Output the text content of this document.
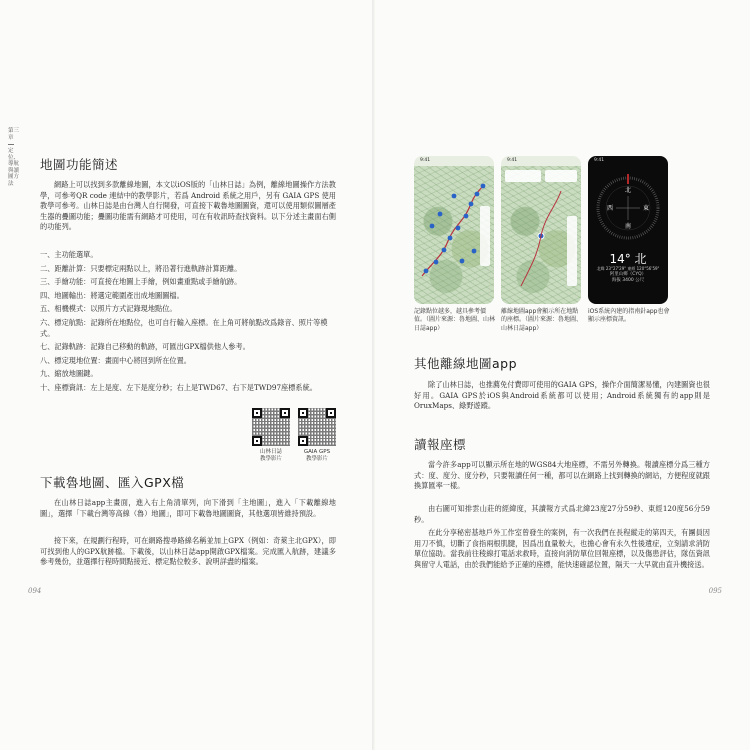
第三章
定位、導航與讀圖方法
地圖功能簡述

網路上可以找到多款離線地圖，本文以iOS版的「山林日誌」為例，離線地圖操作方法教學，可參考QR code 連結中的教學影片，若爲 Android 系統之用戶，另有 GAIA GPS 使用教學可參考。山林日誌是由台灣人自行開發，可直接下載魯地圖圖資，還可以使用類似圖層產生器的疊圖功能；疊圖功能需有網路才可使用，可在有收訊時查找資料。以下分述主畫面右側的功能列。

一、主功能選單。
二、距離計算：只要標定兩點以上，將沿著行進軌跡計算距離。
三、手繪功能：可直接在地圖上手繪，例如畫重點或手繪航跡。
四、地圖輸出：將選定範圍產出成地圖圖檔。
五、相機模式：以照片方式記錄現地點位。
六、標定航點：記錄所在地點位，也可自行輸入座標。在上角可將航點改爲錄音、照片等模式。
七、記錄軌跡：記錄自己移動的軌跡，可匯出GPX檔供他人參考。
八、標定現地位置：畫面中心將回到所在位置。
九、縮放地圖鍵。
十、座標資訊：左上是度、左下是度分秒；右上是TWD67、右下是TWD97座標系統。
山林日誌
教學影片
GAIA GPS
教學影片
下載魯地圖、匯入GPX檔

在山林日誌app主畫面，進入右上角清單列，向下滑到「主地圖」，進入「下載離線地圖」，選擇「下載台灣等高線（魯）地圖」，即可下載魯地圖圖資，其他選項皆維持預設。

接下來，在規劃行程時，可在網路搜尋路線名稱並加上GPX（例如：奇萊主北GPX），即可找到他人的GPX航跡檔。下載後，以山林日誌app開啟GPX檔案。完成匯入航跡，建議多參考幾份，並選擇行程時間點接近、標定點位較多、說明詳盡的檔案。

094
9:41	9:41	9:41
北
東
南
西
14° 北
北緯 23°27'29" 東經 120°56'59"
阿里山鄉（CYQ）
海拔 3400 公尺
記錄點位越多，越具參考價值。（圖片來源：魯地圖、山林日誌app）
離線地圖app會顯示所在地點的座標。（圖片來源：魯地圖、山林日誌app）
iOS系統內建的指南針app也會顯示座標資訊。
其他離線地圖app

除了山林日誌，也推薦免付費即可使用的GAIA GPS，操作介面簡潔易懂，內建圖資也很好用。GAIA GPS於iOS與Android系統都可以使用；Android系統獨有的app則是OruxMaps、綠野遊蹤。

讀報座標

當今許多app可以顯示所在地的WGS84大地座標，不需另外轉換。報讀座標分爲三種方式：度、度分、度分秒，只要報讀任何一種，都可以在網路上找到轉換的網站，方便程度就跟換算匯率一樣。

由右圖可知排雲山莊的經緯度，其讀報方式爲北緯23度27分59秒、東經120度56分59秒。

在此分享秘密基地戶外工作室曾發生的案例，有一次我們在長程縱走的第四天，有團員因用刀不慎，切斷了食指兩根肌腱，因爲出血量較大，也擔心會有永久性後遺症，立刻請求消防單位協助。當我前往稜線打電話求救時，直接向消防單位回報座標，以及傷患評估，隊伍資訊與留守人電話，由於我們能給予正確的座標，能快速確認位置，隔天一大早就由直升機接送。

095
